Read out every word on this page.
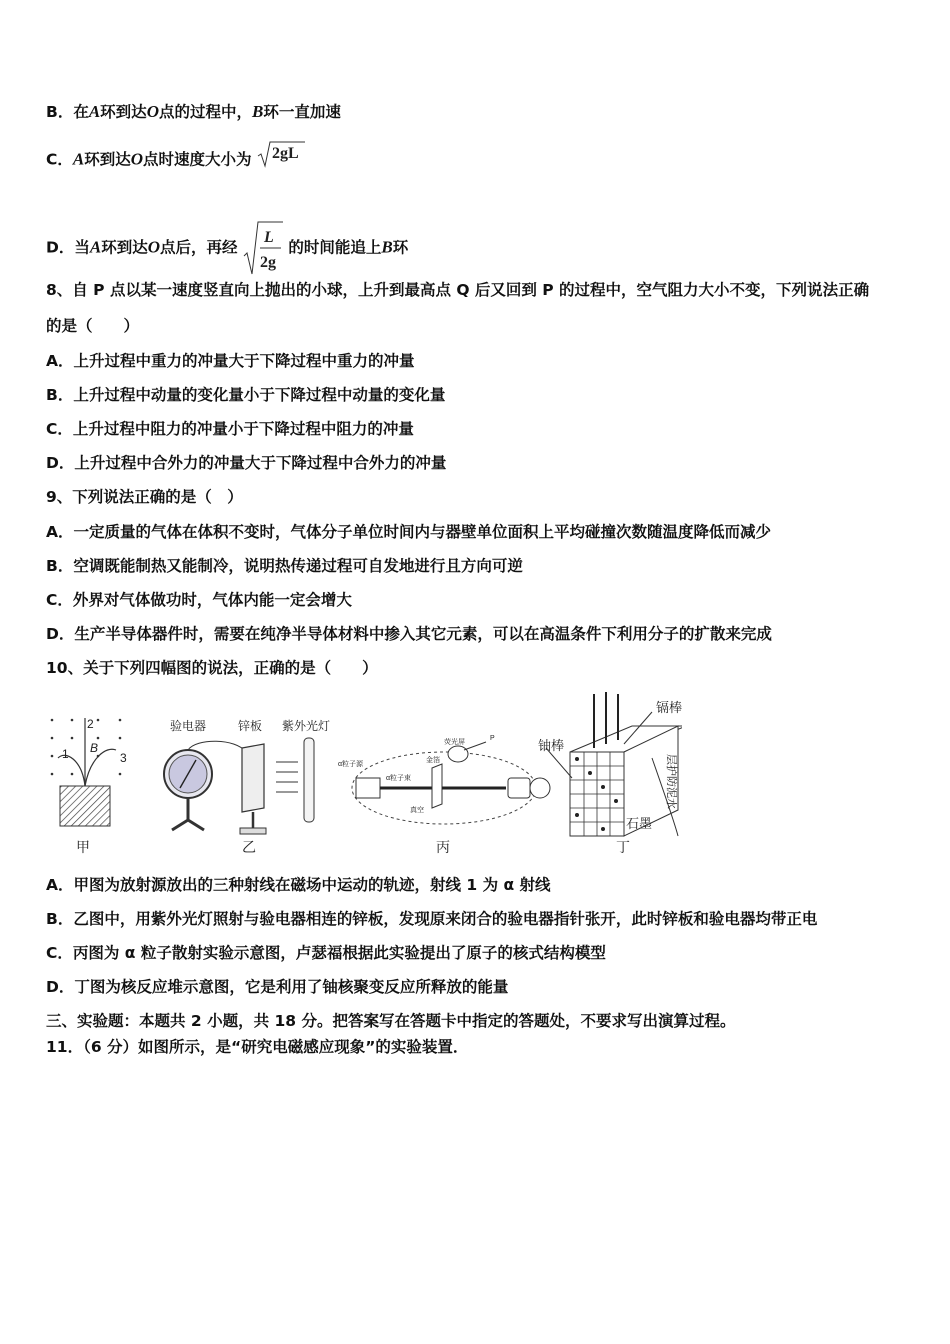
B．在A环到达O点的过程中，B环一直加速
C．A环到达O点时速度大小为 2gL
D．当A环到达O点后，再经
L
2g
的时间能追上B环
8、自 P 点以某一速度竖直向上抛出的小球，上升到最高点 Q 后又回到 P 的过程中，空气阻力大小不变，下列说法正确
的是（　　）
A．上升过程中重力的冲量大于下降过程中重力的冲量
B．上升过程中动量的变化量小于下降过程中动量的变化量
C．上升过程中阻力的冲量小于下降过程中阻力的冲量
D．上升过程中合外力的冲量大于下降过程中合外力的冲量
9、下列说法正确的是（　）
A．一定质量的气体在体积不变时，气体分子单位时间内与器壁单位面积上平均碰撞次数随温度降低而减少
B．空调既能制热又能制冷，说明热传递过程可自发地进行且方向可逆
C．外界对气体做功时，气体内能一定会增大
D．生产半导体器件时，需要在纯净半导体材料中掺入其它元素，可以在高温条件下利用分子的扩散来完成
10、关于下列四幅图的说法，正确的是（　　）
2
1	3
B
甲
验电器	锌板 紫外光灯
乙
α粒子源
α粒子束
金箔
荧光屏
P
真空
丙
镉棒
铀棒
石墨
层护防泥水
丁
A．甲图为放射源放出的三种射线在磁场中运动的轨迹，射线 1 为 α 射线
B．乙图中，用紫外光灯照射与验电器相连的锌板，发现原来闭合的验电器指针张开，此时锌板和验电器均带正电
C．丙图为 α 粒子散射实验示意图，卢瑟福根据此实验提出了原子的核式结构模型
D．丁图为核反应堆示意图，它是利用了铀核聚变反应所释放的能量
三、实验题：本题共 2 小题，共 18 分。把答案写在答题卡中指定的答题处，不要求写出演算过程。
11．（6 分）如图所示，是“研究电磁感应现象”的实验装置．
